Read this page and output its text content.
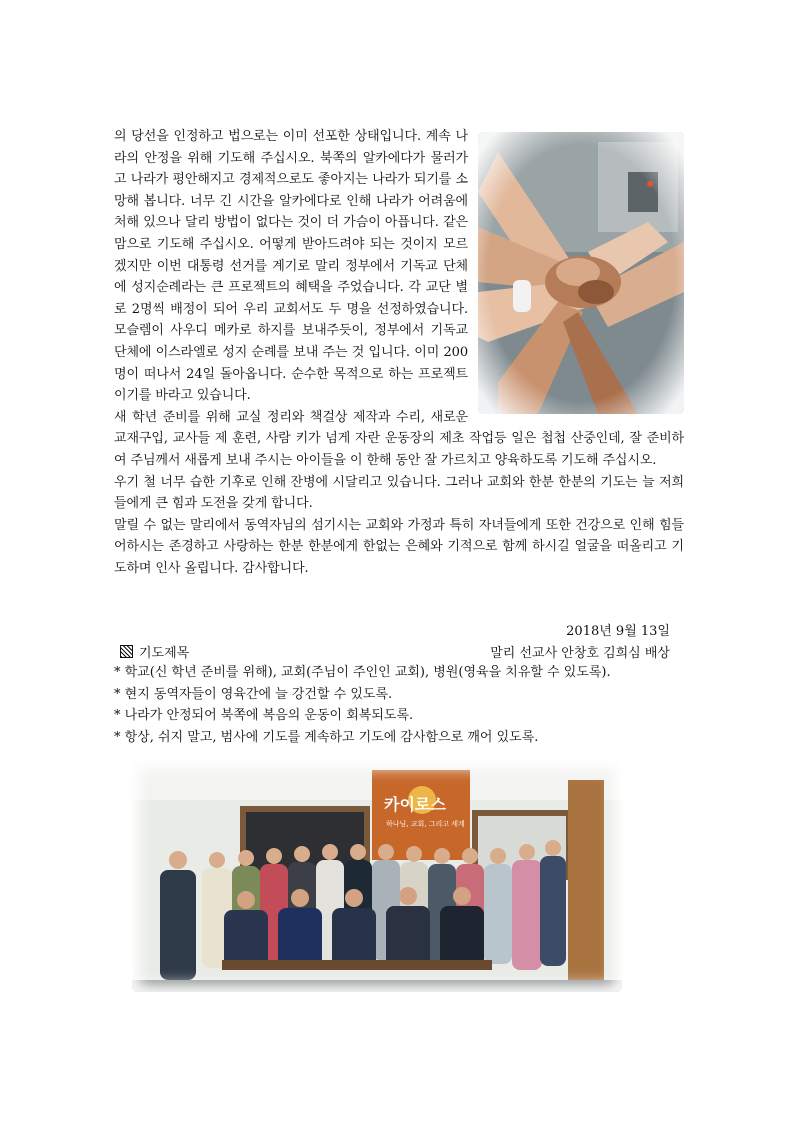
의 당선을 인정하고 법으로는 이미 선포한 상태입니다. 계속 나라의 안정을 위해 기도해 주십시오. 북쪽의 알카에다가 물러가고 나라가 평안해지고 경제적으로도 좋아지는 나라가 되기를 소망해 봅니다. 너무 긴 시간을 알카에다로 인해 나라가 어려움에 처해 있으나 달리 방법이 없다는 것이 더 가슴이 아픕니다. 같은 맘으로 기도해 주십시오. 어떻게 받아드려야 되는 것이지 모르겠지만 이번 대통령 선거를 계기로 말리 정부에서 기독교 단체에 성지순례라는 큰 프로젝트의 혜택을 주었습니다. 각 교단 별로 2명씩 배정이 되어 우리 교회서도 두 명을 선정하였습니다. 모슬렘이 사우디 메카로 하지를 보내주듯이, 정부에서 기독교 단체에 이스라엘로 성지 순례를 보내 주는 것 입니다. 이미 200명이 떠나서 24일 돌아옵니다. 순수한 목적으로 하는 프로젝트이기를 바라고 있습니다.

새 학년 준비를 위해 교실 정리와 책걸상 제작과 수리, 새로운 교재구입, 교사들 제 훈련, 사람 키가 넘게 자란 운동장의 제초 작업등 일은 첩첩 산중인데, 잘 준비하여 주님께서 새롭게 보내 주시는 아이들을 이 한해 동안 잘 가르치고 양육하도록 기도해 주십시오.

우기 철 너무 습한 기후로 인해 잔병에 시달리고 있습니다. 그러나 교회와 한분 한분의 기도는 늘 저희들에게 큰 힘과 도전을 갖게 합니다.

말릴 수 없는 말리에서 동역자님의 섬기시는 교회와 가정과 특히 자녀들에게 또한 건강으로 인해 힘들어하시는 존경하고 사랑하는 한분 한분에게 한없는 은혜와 기적으로 함께 하시길 얼굴을 떠올리고 기도하며 인사 올립니다. 감사합니다.

2018년 9월 13일
기도제목	말리 선교사 안창호 김희심 배상
* 학교(신 학년 준비를 위해), 교회(주님이 주인인 교회), 병원(영육을 치유할 수 있도록).
* 현지 동역자들이 영육간에 늘 강건할 수 있도록.
* 나라가 안정되어 북쪽에 복음의 운동이 회복되도록.
* 항상, 쉬지 말고, 범사에 기도를 계속하고 기도에 감사함으로 깨어 있도록.
카이로스
하나님, 교회, 그리고 세계
